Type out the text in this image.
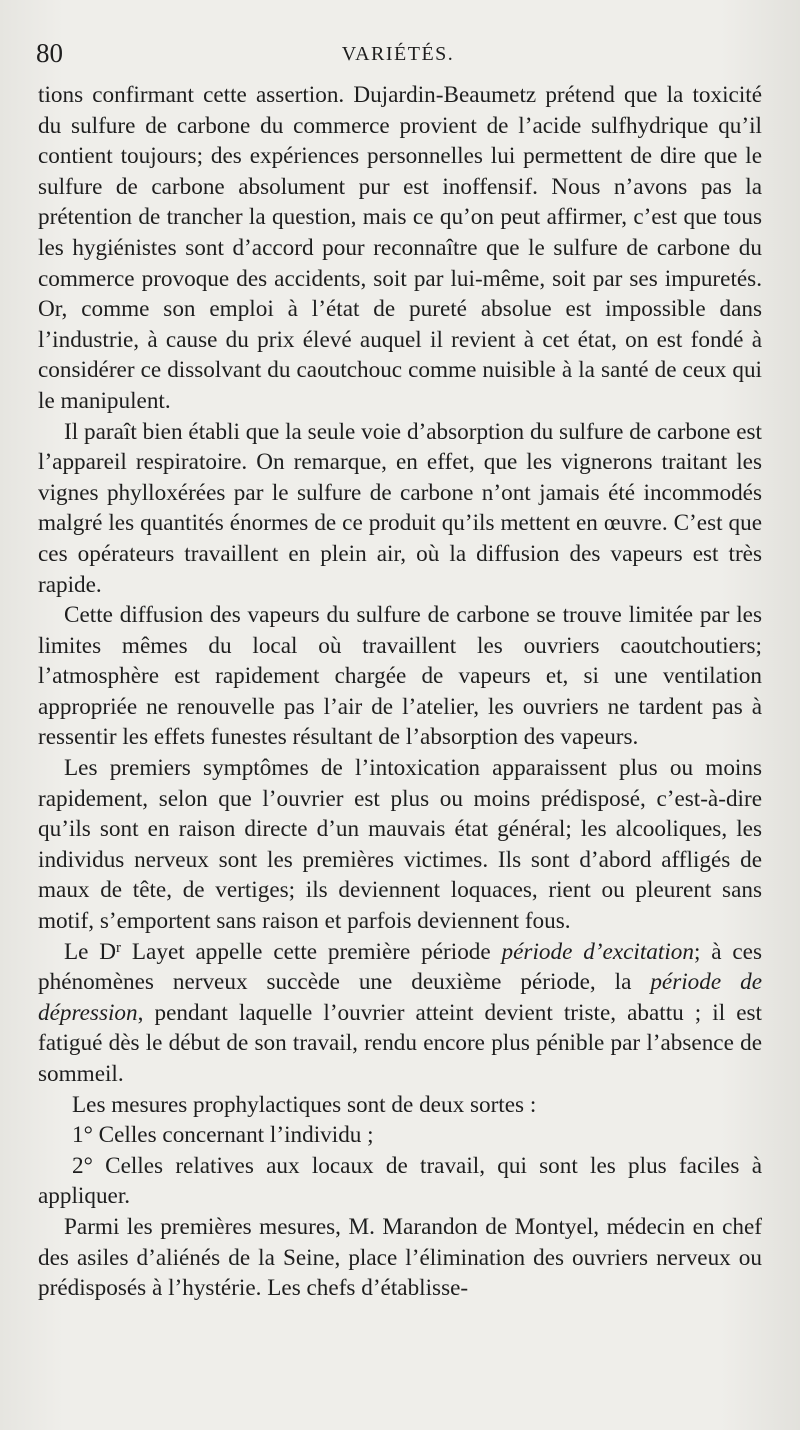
80	VARIÉTÉS.

tions confirmant cette assertion. Dujardin-Beaumetz prétend que la toxicité du sulfure de carbone du commerce provient de l’acide sulfhydrique qu’il contient toujours; des expériences personnelles lui permettent de dire que le sulfure de carbone absolument pur est inoffensif. Nous n’avons pas la prétention de trancher la question, mais ce qu’on peut affirmer, c’est que tous les hygiénistes sont d’accord pour reconnaître que le sulfure de carbone du commerce provoque des accidents, soit par lui-même, soit par ses impuretés. Or, comme son emploi à l’état de pureté absolue est impossible dans l’industrie, à cause du prix élevé auquel il revient à cet état, on est fondé à considérer ce dissolvant du caoutchouc comme nuisible à la santé de ceux qui le manipulent.

Il paraît bien établi que la seule voie d’absorption du sulfure de carbone est l’appareil respiratoire. On remarque, en effet, que les vignerons traitant les vignes phylloxérées par le sulfure de carbone n’ont jamais été incommodés malgré les quantités énormes de ce produit qu’ils mettent en œuvre. C’est que ces opérateurs travaillent en plein air, où la diffusion des vapeurs est très rapide.

Cette diffusion des vapeurs du sulfure de carbone se trouve limitée par les limites mêmes du local où travaillent les ouvriers caoutchoutiers; l’atmosphère est rapidement chargée de vapeurs et, si une ventilation appropriée ne renouvelle pas l’air de l’atelier, les ouvriers ne tardent pas à ressentir les effets funestes résultant de l’absorption des vapeurs.

Les premiers symptômes de l’intoxication apparaissent plus ou moins rapidement, selon que l’ouvrier est plus ou moins prédisposé, c’est-à-dire qu’ils sont en raison directe d’un mauvais état général; les alcooliques, les individus nerveux sont les premières victimes. Ils sont d’abord affligés de maux de tête, de vertiges; ils deviennent loquaces, rient ou pleurent sans motif, s’emportent sans raison et parfois deviennent fous.

Le $D^r$ Layet appelle cette première période période d’excitation; à ces phénomènes nerveux succède une deuxième période, la période de dépression, pendant laquelle l’ouvrier atteint devient triste, abattu ; il est fatigué dès le début de son travail, rendu encore plus pénible par l’absence de sommeil.

Les mesures prophylactiques sont de deux sortes :

1° Celles concernant l’individu ;

2° Celles relatives aux locaux de travail, qui sont les plus faciles à appliquer.

Parmi les premières mesures, M. Marandon de Montyel, médecin en chef des asiles d’aliénés de la Seine, place l’élimination des ouvriers nerveux ou prédisposés à l’hystérie. Les chefs d’établisse-
